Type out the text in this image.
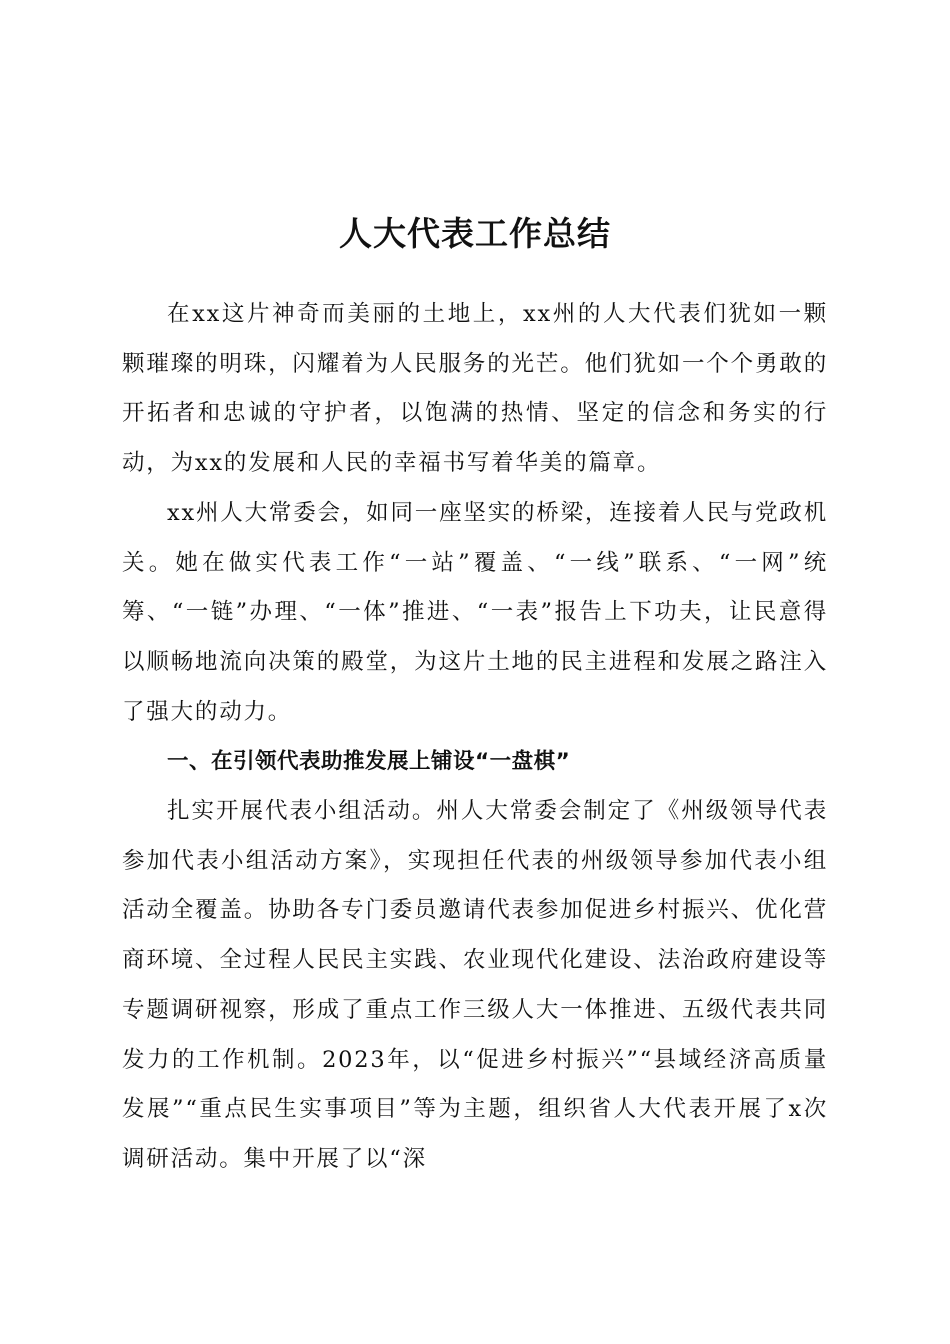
人大代表工作总结

在xx这片神奇而美丽的土地上，xx州的人大代表们犹如一颗颗璀璨的明珠，闪耀着为人民服务的光芒。他们犹如一个个勇敢的开拓者和忠诚的守护者，以饱满的热情、坚定的信念和务实的行动，为xx的发展和人民的幸福书写着华美的篇章。

xx州人大常委会，如同一座坚实的桥梁，连接着人民与党政机关。她在做实代表工作“一站”覆盖、“一线”联系、“一网”统筹、“一链”办理、“一体”推进、“一表”报告上下功夫，让民意得以顺畅地流向决策的殿堂，为这片土地的民主进程和发展之路注入了强大的动力。

一、在引领代表助推发展上铺设“一盘棋”

扎实开展代表小组活动。州人大常委会制定了《州级领导代表参加代表小组活动方案》，实现担任代表的州级领导参加代表小组活动全覆盖。协助各专门委员邀请代表参加促进乡村振兴、优化营商环境、全过程人民民主实践、农业现代化建设、法治政府建设等专题调研视察，形成了重点工作三级人大一体推进、五级代表共同发力的工作机制。2023年，以“促进乡村振兴”“县域经济高质量发展”“重点民生实事项目”等为主题，组织省人大代表开展了x次调研活动。集中开展了以“深
